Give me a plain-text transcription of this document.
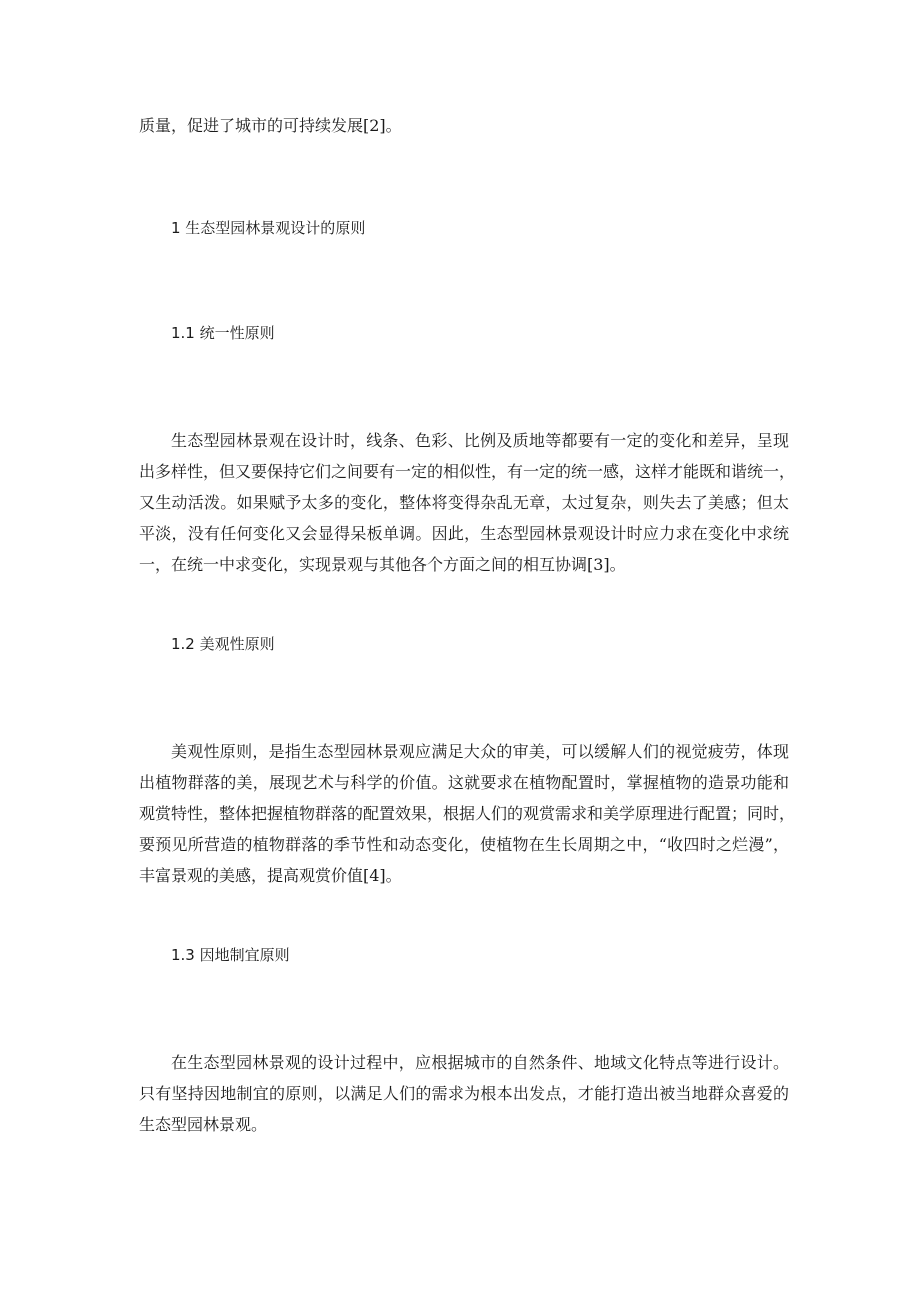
质量，促进了城市的可持续发展[2]。
1 生态型园林景观设计的原则
1.1 统一性原则
生态型园林景观在设计时，线条、色彩、比例及质地等都要有一定的变化和差异，呈现
出多样性，但又要保持它们之间要有一定的相似性，有一定的统一感，这样才能既和谐统一，
又生动活泼。如果赋予太多的变化，整体将变得杂乱无章，太过复杂，则失去了美感；但太
平淡，没有任何变化又会显得呆板单调。因此，生态型园林景观设计时应力求在变化中求统
一，在统一中求变化，实现景观与其他各个方面之间的相互协调[3]。
1.2 美观性原则
美观性原则，是指生态型园林景观应满足大众的审美，可以缓解人们的视觉疲劳，体现
出植物群落的美，展现艺术与科学的价值。这就要求在植物配置时，掌握植物的造景功能和
观赏特性，整体把握植物群落的配置效果，根据人们的观赏需求和美学原理进行配置；同时，
要预见所营造的植物群落的季节性和动态变化，使植物在生长周期之中，“收四时之烂漫”，
丰富景观的美感，提高观赏价值[4]。
1.3 因地制宜原则
在生态型园林景观的设计过程中，应根据城市的自然条件、地域文化特点等进行设计。
只有坚持因地制宜的原则，以满足人们的需求为根本出发点，才能打造出被当地群众喜爱的
生态型园林景观。
